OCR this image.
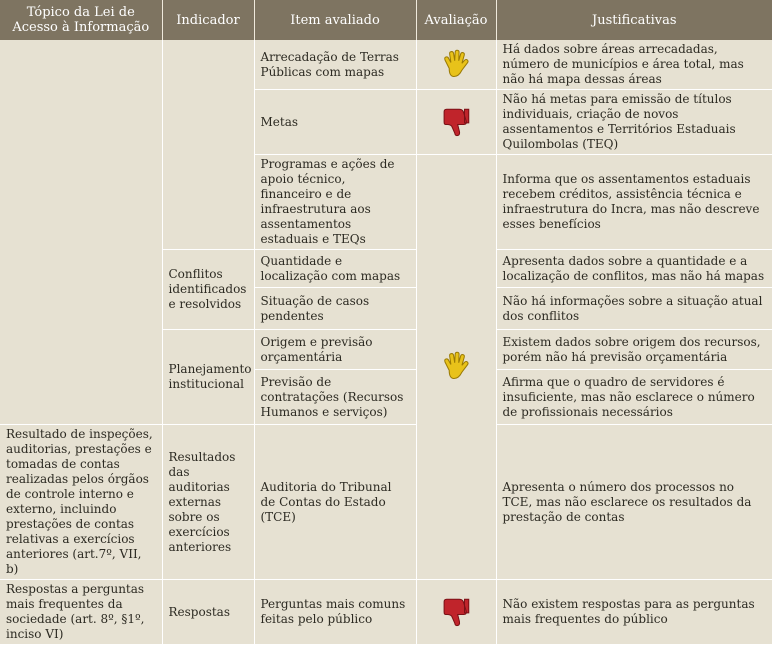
Tópico da Lei de Acesso à Informação	Indicador	Item avaliado	Avaliação	Justificativas
		Arrecadação de Terras Públicas com mapas		Há dados sobre áreas arrecadadas, número de municípios e área total, mas não há mapa dessas áreas
		Metas		Não há metas para emissão de títulos individuais, criação de novos assentamentos e Territórios Estaduais Quilombolas (TEQ)
		Programas e ações de apoio técnico, financeiro e de infraestrutura aos assentamentos estaduais e TEQs		Informa que os assentamentos estaduais recebem créditos, assistência técnica e infraestrutura do Incra, mas não descreve esses benefícios
	Conflitos identificados e resolvidos	Quantidade e localização com mapas		Apresenta dados sobre a quantidade e a localização de conflitos, mas não há mapas
		Situação de casos pendentes		Não há informações sobre a situação atual dos conflitos
	Planejamento institucional	Origem e previsão orçamentária		Existem dados sobre origem dos recursos, porém não há previsão orçamentária
		Previsão de contratações (Recursos Humanos e serviços)		Afirma que o quadro de servidores é insuficiente, mas não esclarece o número de profissionais necessários
Resultado de inspeções, auditorias, prestações e tomadas de contas realizadas pelos órgãos de controle interno e externo, incluindo prestações de contas relativas a exercícios anteriores (art.7º, VII, b)	Resultados das auditorias externas sobre os exercícios anteriores	Auditoria do Tribunal de Contas do Estado (TCE)		Apresenta o número dos processos no TCE, mas não esclarece os resultados da prestação de contas
Respostas a perguntas mais frequentes da sociedade (art. 8º, §1º, inciso VI)	Respostas	Perguntas mais comuns feitas pelo público		Não existem respostas para as perguntas mais frequentes do público
